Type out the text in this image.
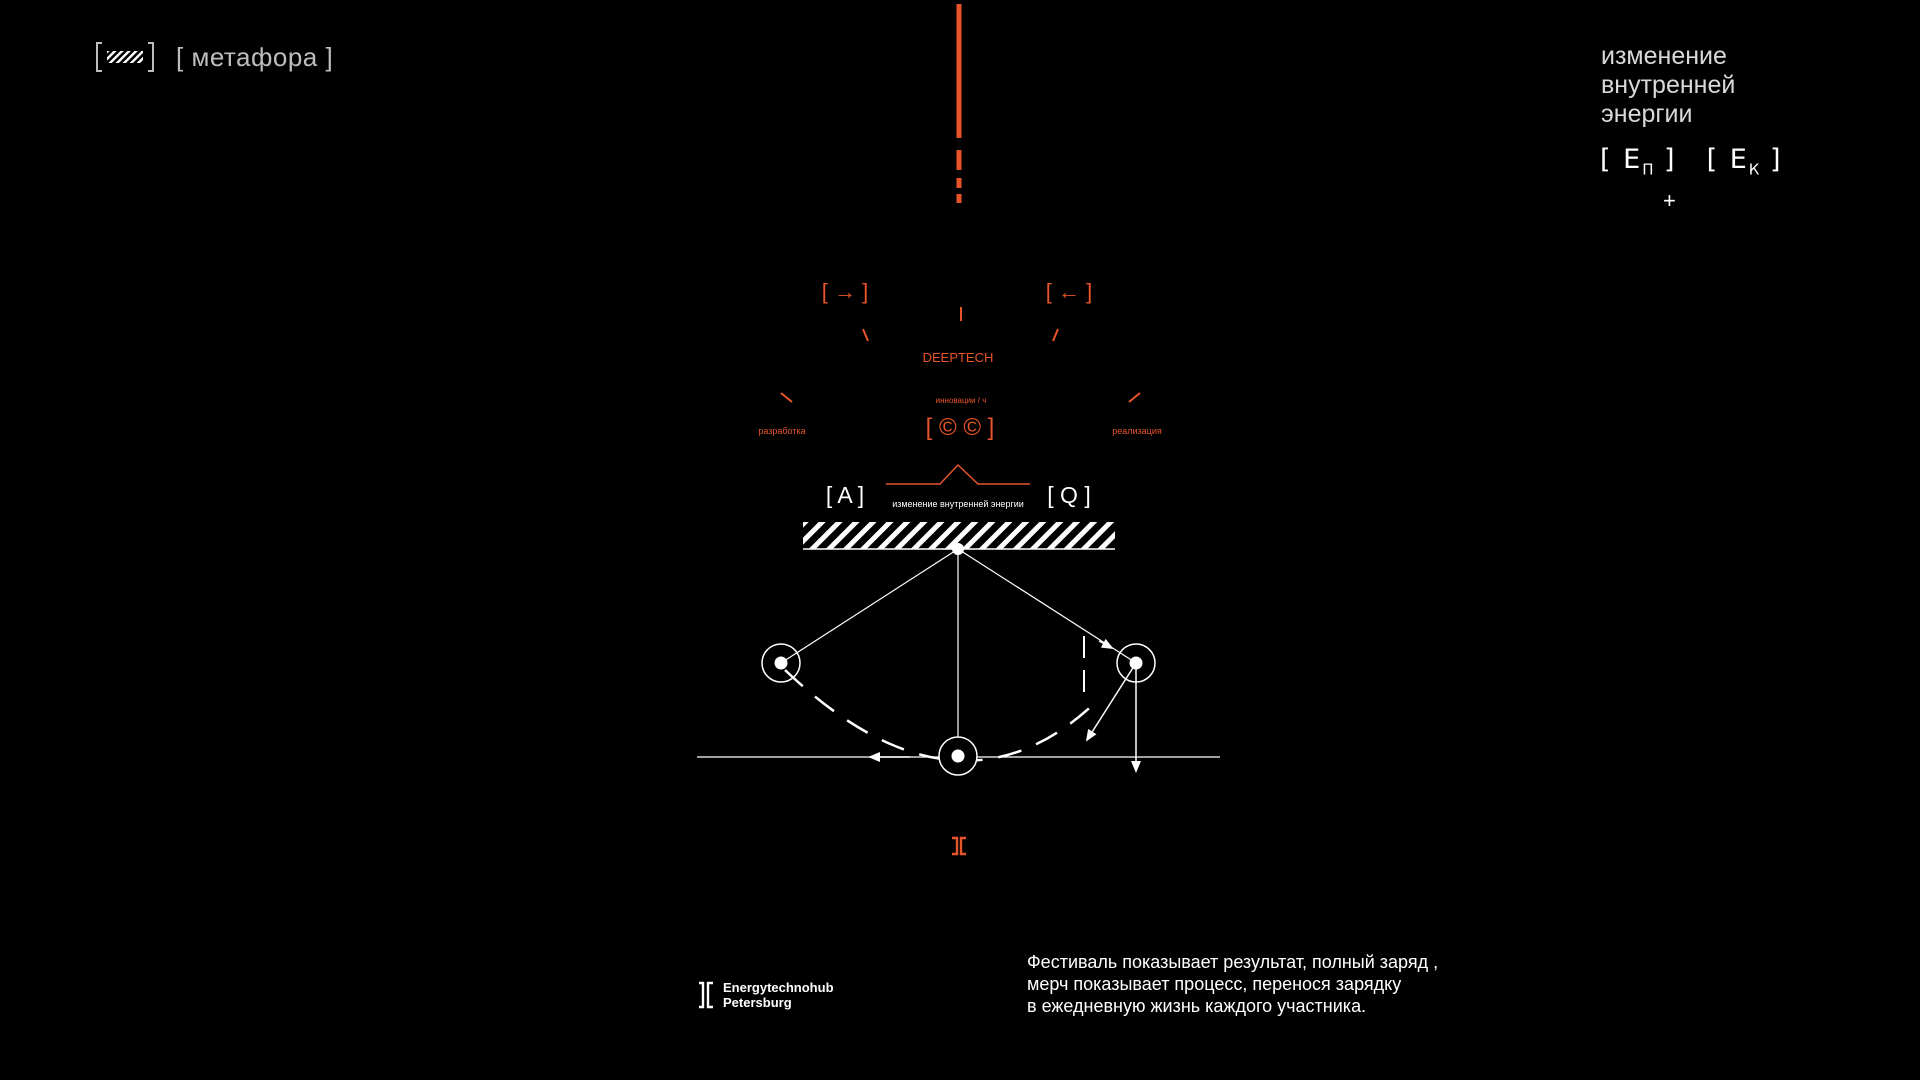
[ метафора ]	изменение
внутренней
энергии
[ $E_П$ ] [ $E_К$ ]
+
[ → ]	[ ← ]
DEEPTECH
инновации / ч
[ © © ]
разработка	реализация
[ A ]	[ Q ]
изменение внутренней энергии
Energytechnohub
Petersburg
Фестиваль показывает результат, полный заряд ,
мерч показывает процесс, перенося зарядку
в ежедневную жизнь каждого участника.
